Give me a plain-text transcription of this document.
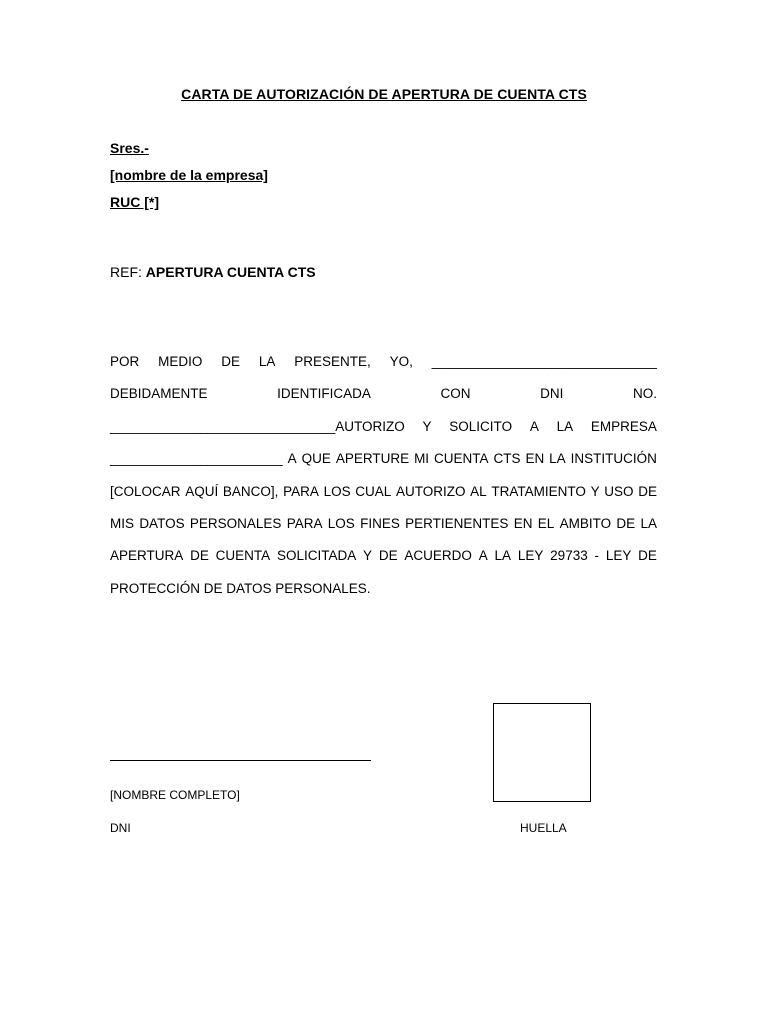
CARTA DE AUTORIZACIÓN DE APERTURA DE CUENTA CTS
Sres.-
[nombre de la empresa]
RUC [*]
REF: APERTURA CUENTA CTS
POR MEDIO DE LA PRESENTE, YO, ______________________________
DEBIDAMENTE	IDENTIFICADA	CON	DNI	NO.
______________________________AUTORIZO Y SOLICITO A LA EMPRESA
_______________________ A QUE APERTURE MI CUENTA CTS EN LA INSTITUCIÓN
[COLOCAR AQUÍ BANCO], PARA LOS CUAL AUTORIZO AL TRATAMIENTO Y USO DE
MIS DATOS PERSONALES PARA LOS FINES PERTIENENTES EN EL AMBITO DE LA
APERTURA DE CUENTA SOLICITADA Y DE ACUERDO A LA LEY 29733 - LEY DE
PROTECCIÓN DE DATOS PERSONALES.
[NOMBRE COMPLETO]
DNI	HUELLA
